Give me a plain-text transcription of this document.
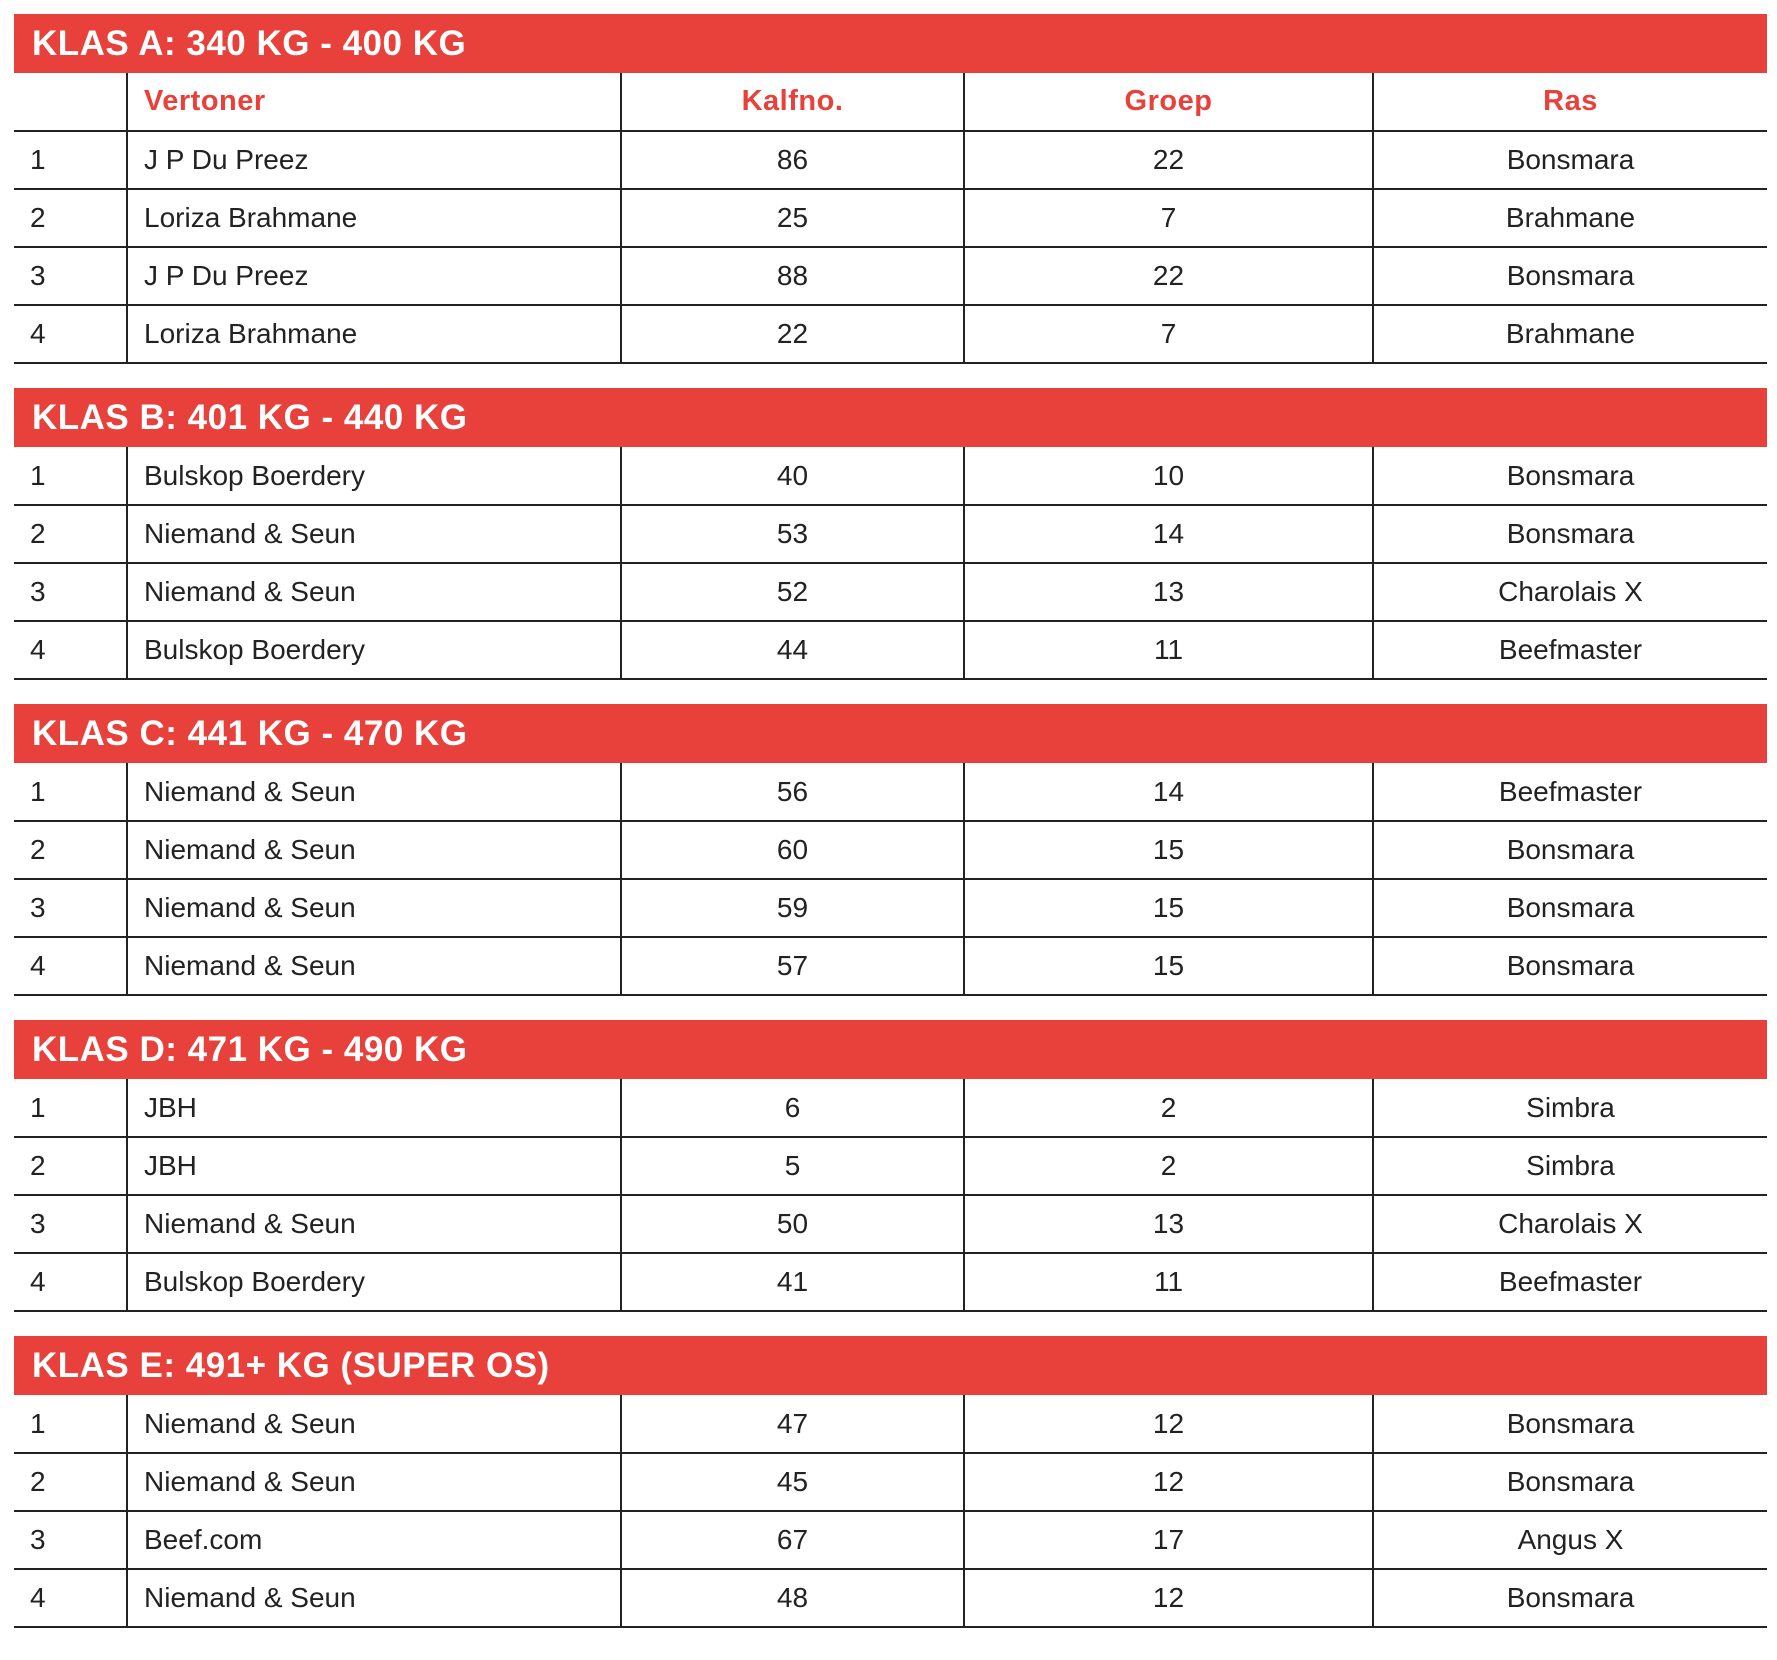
KLAS A: 340 KG - 400 KG
	Vertoner	Kalfno.	Groep	Ras
1	J P Du Preez	86	22	Bonsmara
2	Loriza Brahmane	25	7	Brahmane
3	J P Du Preez	88	22	Bonsmara
4	Loriza Brahmane	22	7	Brahmane
KLAS B: 401 KG - 440 KG
1	Bulskop Boerdery	40	10	Bonsmara
2	Niemand & Seun	53	14	Bonsmara
3	Niemand & Seun	52	13	Charolais X
4	Bulskop Boerdery	44	11	Beefmaster
KLAS C: 441 KG - 470 KG
1	Niemand & Seun	56	14	Beefmaster
2	Niemand & Seun	60	15	Bonsmara
3	Niemand & Seun	59	15	Bonsmara
4	Niemand & Seun	57	15	Bonsmara
KLAS D: 471 KG - 490 KG
1	JBH	6	2	Simbra
2	JBH	5	2	Simbra
3	Niemand & Seun	50	13	Charolais X
4	Bulskop Boerdery	41	11	Beefmaster
KLAS E: 491+ KG (SUPER OS)
1	Niemand & Seun	47	12	Bonsmara
2	Niemand & Seun	45	12	Bonsmara
3	Beef.com	67	17	Angus X
4	Niemand & Seun	48	12	Bonsmara
